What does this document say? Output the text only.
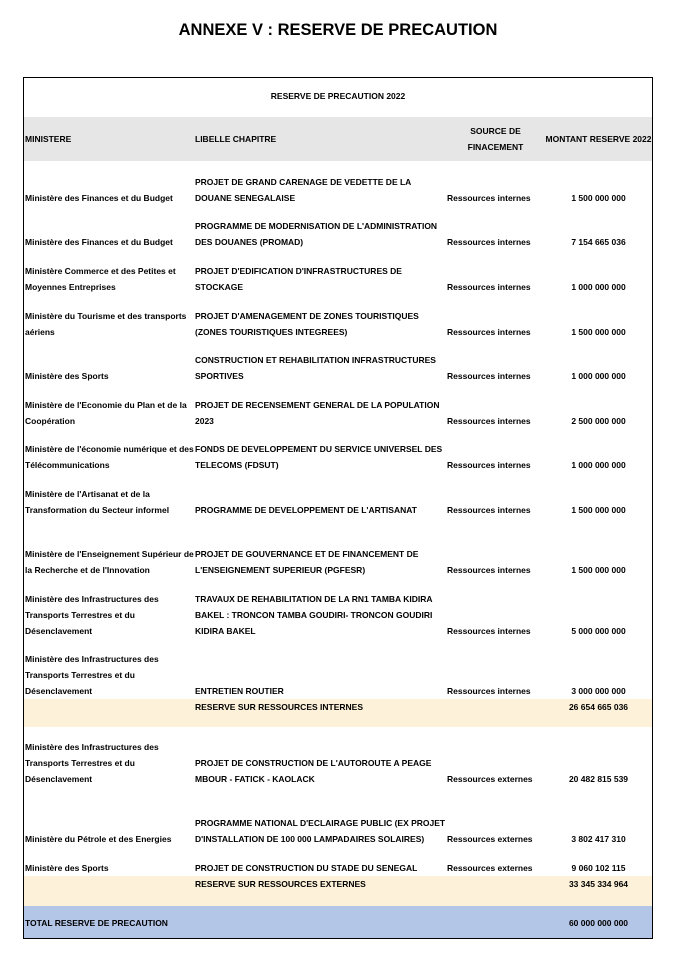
ANNEXE V : RESERVE DE PRECAUTION
RESERVE DE PRECAUTION 2022
MINISTERE	LIBELLE CHAPITRE	SOURCE DE FINACEMENT	MONTANT RESERVE 2022
Ministère des Finances et du Budget	PROJET DE GRAND CARENAGE DE VEDETTE DE LA DOUANE SENEGALAISE	Ressources internes	1 500 000 000
Ministère des Finances et du Budget	PROGRAMME DE MODERNISATION DE L'ADMINISTRATION DES DOUANES (PROMAD)	Ressources internes	7 154 665 036
Ministère Commerce et des Petites et Moyennes Entreprises	PROJET D'EDIFICATION D'INFRASTRUCTURES DE STOCKAGE	Ressources internes	1 000 000 000
Ministère du Tourisme et des transports aériens	PROJET D'AMENAGEMENT DE ZONES TOURISTIQUES (ZONES TOURISTIQUES INTEGREES)	Ressources internes	1 500 000 000
Ministère des Sports	CONSTRUCTION ET REHABILITATION INFRASTRUCTURES SPORTIVES	Ressources internes	1 000 000 000
Ministère de l'Economie du Plan et de la Coopération	PROJET DE RECENSEMENT GENERAL DE LA POPULATION 2023	Ressources internes	2 500 000 000
Ministère de l'économie numérique et des Télécommunications	FONDS DE DEVELOPPEMENT DU SERVICE UNIVERSEL DES TELECOMS (FDSUT)	Ressources internes	1 000 000 000
Ministère de l'Artisanat et de la Transformation du Secteur informel	PROGRAMME DE DEVELOPPEMENT DE L'ARTISANAT	Ressources internes	1 500 000 000
Ministère de l'Enseignement Supérieur de la Recherche et de l'Innovation	PROJET DE GOUVERNANCE ET DE FINANCEMENT DE L'ENSEIGNEMENT SUPERIEUR (PGFESR)	Ressources internes	1 500 000 000
Ministère des Infrastructures des Transports Terrestres et du Désenclavement	TRAVAUX DE REHABILITATION DE LA RN1 TAMBA KIDIRA BAKEL : TRONCON TAMBA GOUDIRI- TRONCON GOUDIRI KIDIRA BAKEL	Ressources internes	5 000 000 000
Ministère des Infrastructures des Transports Terrestres et du Désenclavement	ENTRETIEN ROUTIER	Ressources internes	3 000 000 000
	RESERVE SUR RESSOURCES INTERNES		26 654 665 036
Ministère des Infrastructures des Transports Terrestres et du Désenclavement	PROJET DE CONSTRUCTION DE L'AUTOROUTE A PEAGE MBOUR - FATICK - KAOLACK	Ressources externes	20 482 815 539
Ministère du Pétrole et des Energies	PROGRAMME NATIONAL D'ECLAIRAGE PUBLIC (EX PROJET D'INSTALLATION DE 100 000 LAMPADAIRES SOLAIRES)	Ressources externes	3 802 417 310
Ministère des Sports	PROJET DE CONSTRUCTION DU STADE DU SENEGAL	Ressources externes	9 060 102 115
	RESERVE SUR RESSOURCES EXTERNES		33 345 334 964
TOTAL RESERVE DE PRECAUTION			60 000 000 000
